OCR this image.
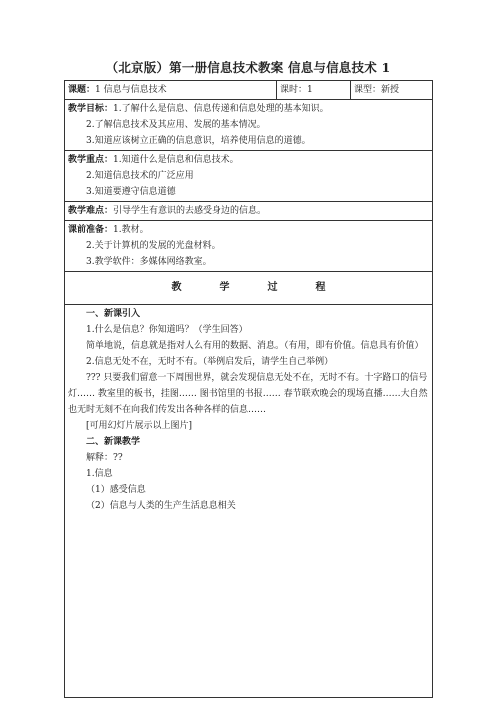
（北京版）第一册信息技术教案 信息与信息技术 1
课题：1 信息与信息技术	课时：1	课型：新授

教学目标：1.了解什么是信息、信息传递和信息处理的基本知识。
2.了解信息技术及其应用、发展的基本情况。
3.知道应该树立正确的信息意识，培养使用信息的道德。

教学重点：1.知道什么是信息和信息技术。
2.知道信息技术的广泛应用
3.知道要遵守信息道德

教学难点：引导学生有意识的去感受身边的信息。

课前准备：1.教材。
2.关于计算机的发展的光盘材料。
3.教学软件：多媒体网络教室。

教	学	过	程

一、新课引入
1.什么是信息？你知道吗？（学生回答）
简单地说，信息就是指对人么有用的数据、消息。（有用，即有价值。信息具有价值）
2.信息无处不在，无时不有。（举例启发后，请学生自己举例）
??? 只要我们留意一下周围世界，就会发现信息无处不在，无时不有。十字路口的信号灯…… 教室里的板书，挂图…… 图书馆里的书报…… 春节联欢晚会的现场直播……大自然也无时无刻不在向我们传发出各种各样的信息……
[可用幻灯片展示以上图片]
二、新课教学
解释：??
1.信息
（1）感受信息
（2）信息与人类的生产生活息息相关
